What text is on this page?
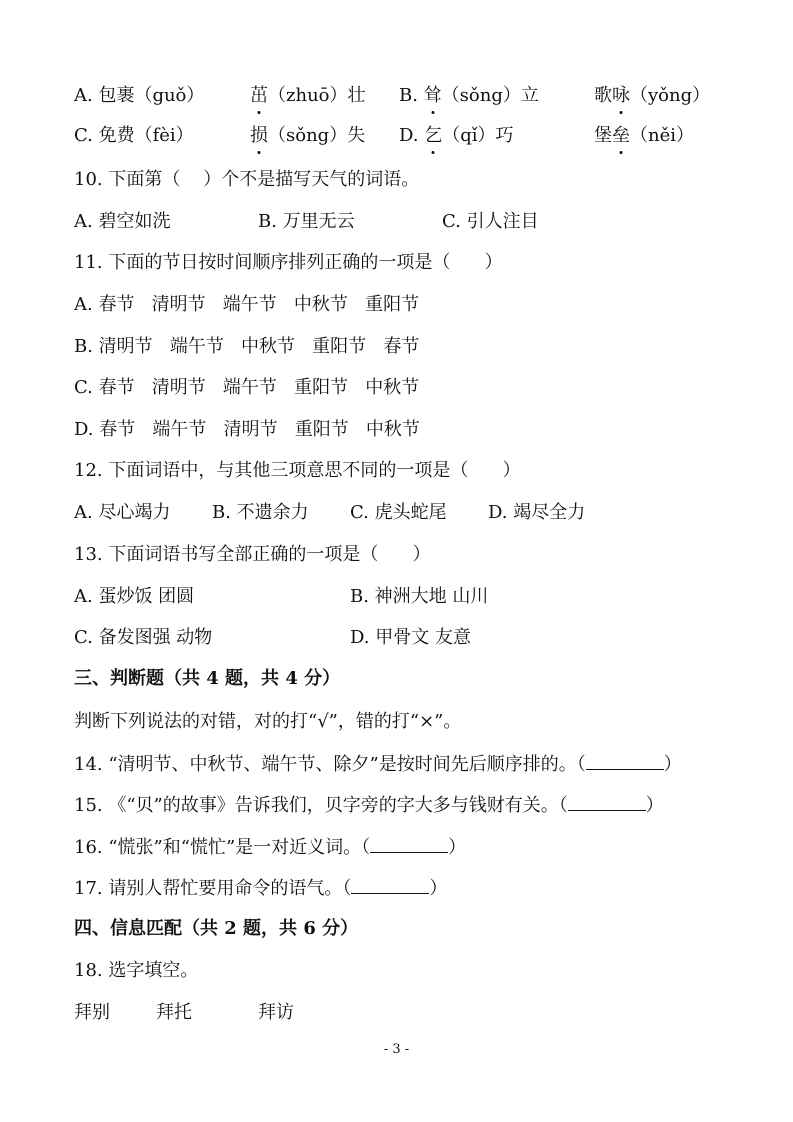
A. 包裹（guǒ）	茁（zhuō）壮 B. 耸（sǒng）立	歌咏（yǒng）
C. 免费（fèi）	损（sǒng）失 D. 乞（qǐ）巧	堡垒（něi）
10. 下面第（    ）个不是描写天气的词语。
A. 碧空如洗	B. 万里无云	C. 引人注目
11. 下面的节日按时间顺序排列正确的一项是（      ）
A. 春节   清明节   端午节   中秋节   重阳节
B. 清明节   端午节   中秋节   重阳节   春节
C. 春节   清明节   端午节   重阳节   中秋节
D. 春节   端午节   清明节   重阳节   中秋节
12. 下面词语中，与其他三项意思不同的一项是（      ）
A. 尽心竭力 B. 不遗余力 C. 虎头蛇尾 D. 竭尽全力
13. 下面词语书写全部正确的一项是（      ）
A. 蛋炒饭 团圆	B. 神洲大地 山川
C. 备发图强 动物	D. 甲骨文 友意
三、判断题（共 4 题，共 4 分）
判断下列说法的对错，对的打“√”，错的打“×”。
14. “清明节、中秋节、端午节、除夕”是按时间先后顺序排的。（	）
15. 《“贝”的故事》告诉我们，贝字旁的字大多与钱财有关。（	）
16. “慌张”和“慌忙”是一对近义词。（	）
17. 请别人帮忙要用命令的语气。（	）
四、信息匹配（共 2 题，共 6 分）
18. 选字填空。
拜别	拜托	拜访
- 3 -
